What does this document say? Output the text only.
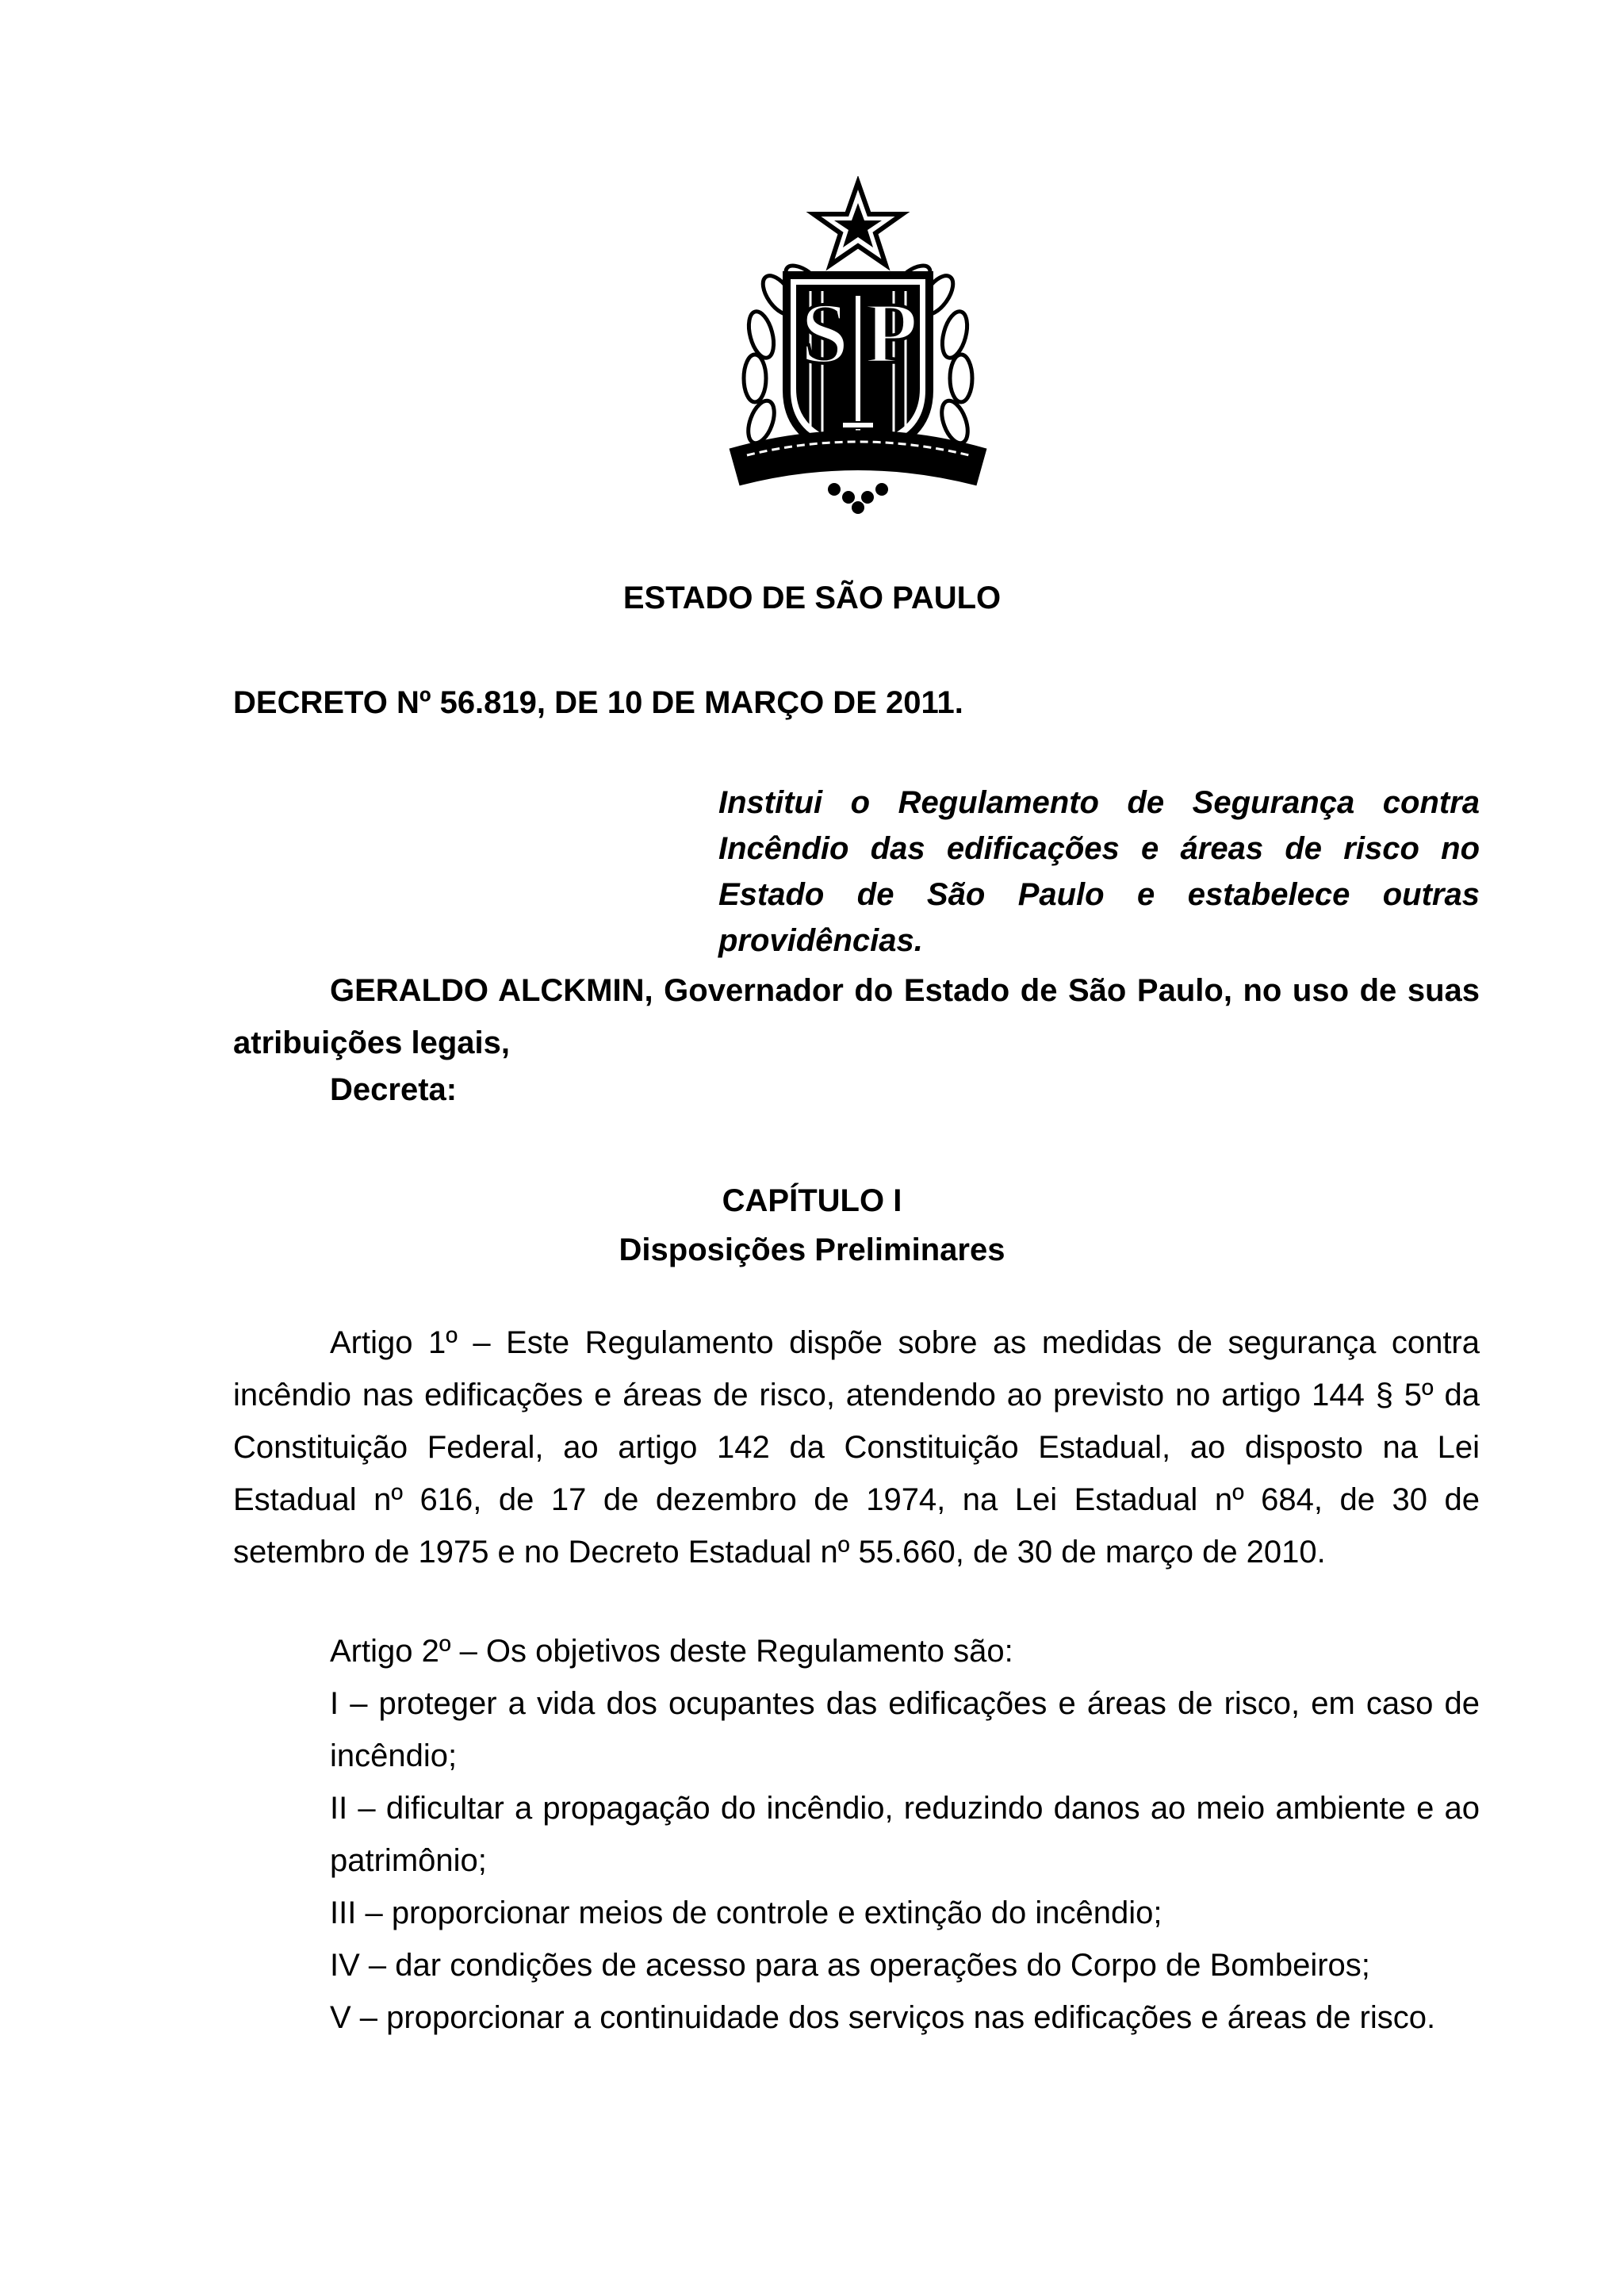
S P
ESTADO DE SÃO PAULO
DECRETO Nº 56.819, DE 10 DE MARÇO DE 2011.
Institui o Regulamento de Segurança contra Incêndio das edificações e áreas de risco no Estado de São Paulo e estabelece outras providências.
GERALDO ALCKMIN, Governador do Estado de São Paulo, no uso de suas atribuições legais,
Decreta:
CAPÍTULO I
Disposições Preliminares
Artigo 1º – Este Regulamento dispõe sobre as medidas de segurança contra incêndio nas edificações e áreas de risco, atendendo ao previsto no artigo 144 § 5º da Constituição Federal, ao artigo 142 da Constituição Estadual, ao disposto na Lei Estadual nº 616, de 17 de dezembro de 1974, na Lei Estadual nº 684, de 30 de setembro de 1975 e no Decreto Estadual nº 55.660, de 30 de março de 2010.
Artigo 2º – Os objetivos deste Regulamento são:
I – proteger a vida dos ocupantes das edificações e áreas de risco, em caso de incêndio;
II – dificultar a propagação do incêndio, reduzindo danos ao meio ambiente e ao patrimônio;
III – proporcionar meios de controle e extinção do incêndio;
IV – dar condições de acesso para as operações do Corpo de Bombeiros;
V – proporcionar a continuidade dos serviços nas edificações e áreas de risco.
